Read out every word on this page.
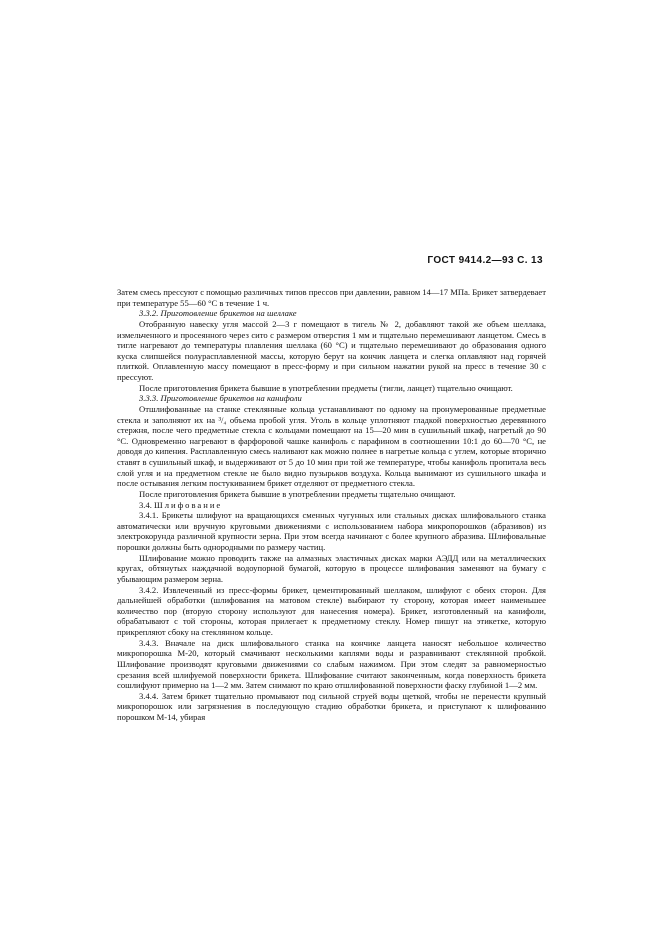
ГОСТ 9414.2—93 С. 13

Затем смесь прессуют с помощью различных типов прессов при давлении, равном 14—17 МПа. Брикет затвердевает при температуре 55—60 °С в течение 1 ч.

3.3.2. Приготовление брикетов на шеллаке

Отобранную навеску угля массой 2—3 г помещают в тигель № 2, добавляют такой же объем шеллака, измельченного и просеянного через сито с размером отверстия 1 мм и тщательно перемешивают ланцетом. Смесь в тигле нагревают до температуры плавления шеллака (60 °С) и тщательно перемешивают до образования одного куска слипшейся полурасплавленной массы, которую берут на кончик ланцета и слегка оплавляют над горячей плиткой. Оплавленную массу помещают в пресс-форму и при сильном нажатии рукой на пресс в течение 30 с прессуют.

После приготовления брикета бывшие в употреблении предметы (тигли, ланцет) тщательно очищают.

3.3.3. Приготовление брикетов на канифоли

Отшлифованные на станке стеклянные кольца устанавливают по одному на пронумерованные предметные стекла и заполняют их на ³/₄ объема пробой угля. Уголь в кольце уплотняют гладкой поверхностью деревянного стержня, после чего предметные стекла с кольцами помещают на 15—20 мин в сушильный шкаф, нагретый до 90 °С. Одновременно нагревают в фарфоровой чашке канифоль с парафином в соотношении 10:1 до 60—70 °С, не доводя до кипения. Расплавленную смесь наливают как можно полнее в нагретые кольца с углем, которые вторично ставят в сушильный шкаф, и выдерживают от 5 до 10 мин при той же температуре, чтобы канифоль пропитала весь слой угля и на предметном стекле не было видно пузырьков воздуха. Кольца вынимают из сушильного шкафа и после остывания легким постукиванием брикет отделяют от предметного стекла.

После приготовления брикета бывшие в употреблении предметы тщательно очищают.

3.4. Шлифование

3.4.1. Брикеты шлифуют на вращающихся сменных чугунных или стальных дисках шлифовального станка автоматически или вручную круговыми движениями с использованием набора микропорошков (абразивов) из электрокорунда различной крупности зерна. При этом всегда начинают с более крупного абразива. Шлифовальные порошки должны быть однородными по размеру частиц.

Шлифование можно проводить также на алмазных эластичных дисках марки АЭДД или на металлических кругах, обтянутых наждачной водоупорной бумагой, которую в процессе шлифования заменяют на бумагу с убывающим размером зерна.

3.4.2. Извлеченный из пресс-формы брикет, цементированный шеллаком, шлифуют с обеих сторон. Для дальнейшей обработки (шлифования на матовом стекле) выбирают ту сторону, которая имеет наименьшее количество пор (вторую сторону используют для нанесения номера). Брикет, изготовленный на канифоли, обрабатывают с той стороны, которая прилегает к предметному стеклу. Номер пишут на этикетке, которую прикрепляют сбоку на стеклянном кольце.

3.4.3. Вначале на диск шлифовального станка на кончике ланцета наносят небольшое количество микропорошка М-20, который смачивают несколькими каплями воды и разравнивают стеклянной пробкой. Шлифование производят круговыми движениями со слабым нажимом. При этом следят за равномерностью срезания всей шлифуемой поверхности брикета. Шлифование считают законченным, когда поверхность брикета сошлифуют примерно на 1—2 мм. Затем снимают по краю отшлифованной поверхности фаску глубиной 1—2 мм.

3.4.4. Затем брикет тщательно промывают под сильной струей воды щеткой, чтобы не перенести крупный микропорошок или загрязнения в последующую стадию обработки брикета, и приступают к шлифованию порошком М-14, убирая
